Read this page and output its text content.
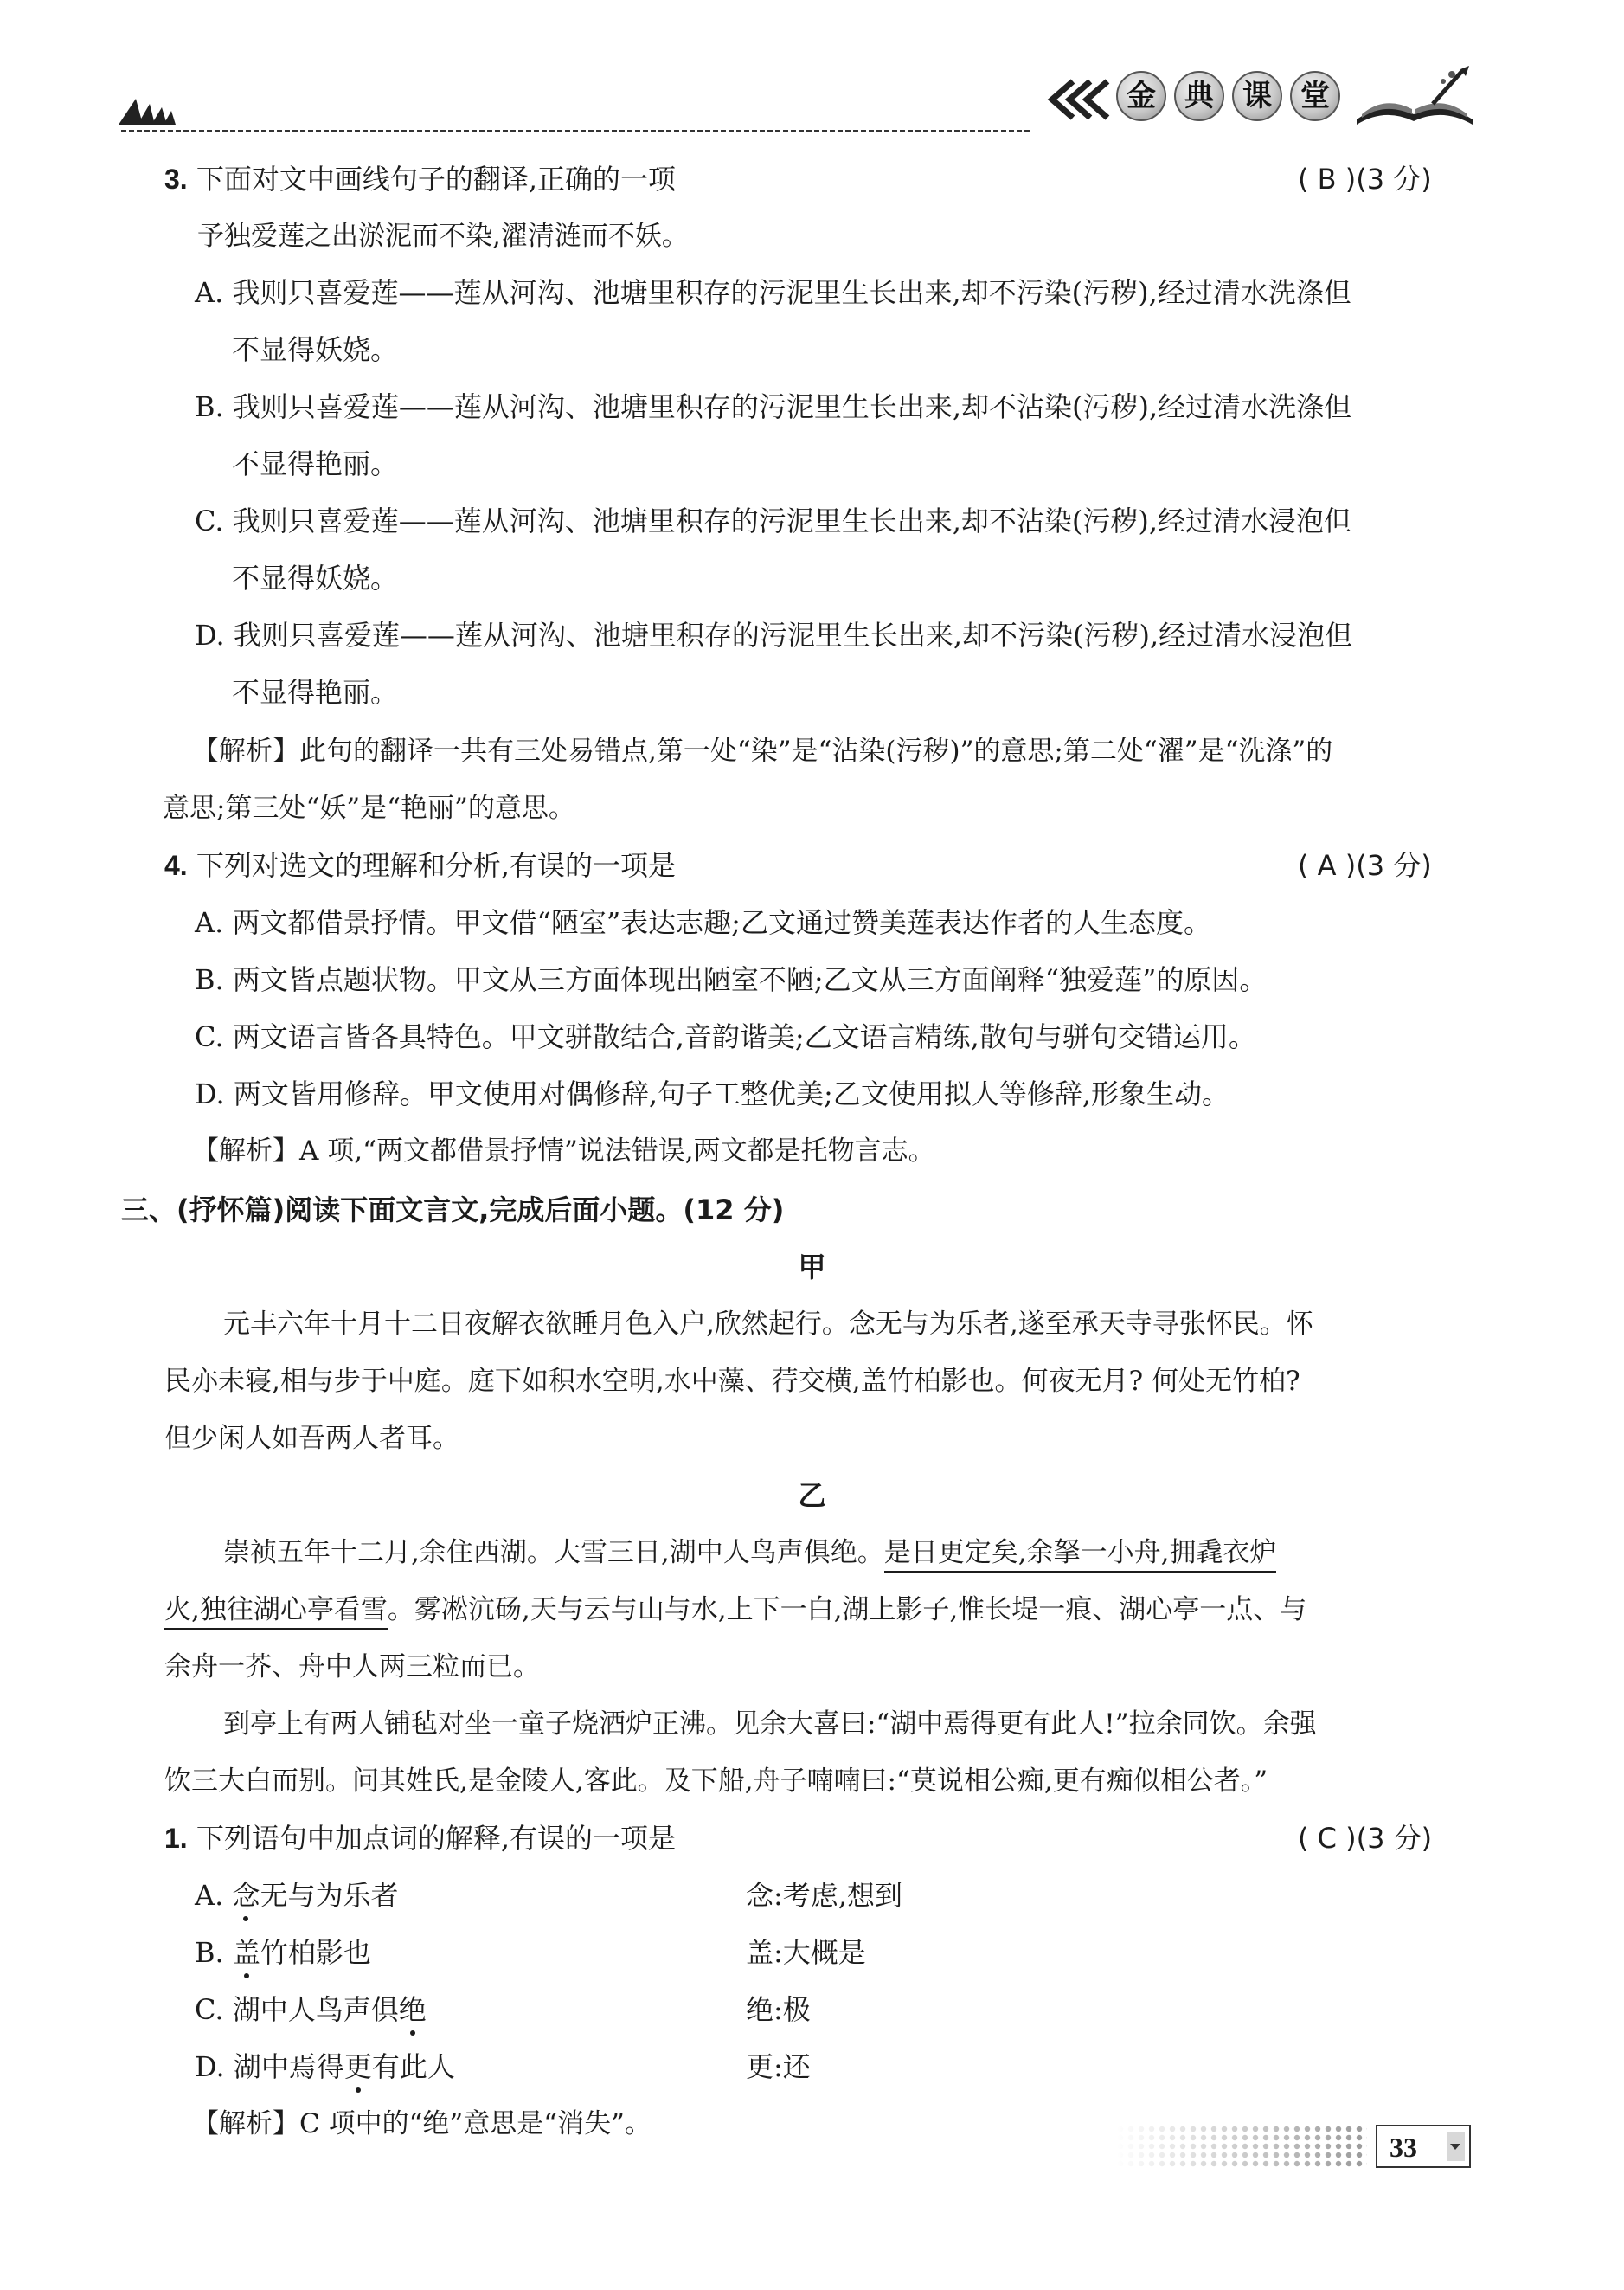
金 典 课 堂
3. 下面对文中画线句子的翻译,正确的一项	( B )(3 分)
予独爱莲之出淤泥而不染,濯清涟而不妖。
A. 我则只喜爱莲——莲从河沟、池塘里积存的污泥里生长出来,却不污染(污秽),经过清水洗涤但
不显得妖娆。
B. 我则只喜爱莲——莲从河沟、池塘里积存的污泥里生长出来,却不沾染(污秽),经过清水洗涤但
不显得艳丽。
C. 我则只喜爱莲——莲从河沟、池塘里积存的污泥里生长出来,却不沾染(污秽),经过清水浸泡但
不显得妖娆。
D. 我则只喜爱莲——莲从河沟、池塘里积存的污泥里生长出来,却不污染(污秽),经过清水浸泡但
不显得艳丽。
【解析】此句的翻译一共有三处易错点,第一处“染”是“沾染(污秽)”的意思;第二处“濯”是“洗涤”的
意思;第三处“妖”是“艳丽”的意思。
4. 下列对选文的理解和分析,有误的一项是	( A )(3 分)
A. 两文都借景抒情。甲文借“陋室”表达志趣;乙文通过赞美莲表达作者的人生态度。
B. 两文皆点题状物。甲文从三方面体现出陋室不陋;乙文从三方面阐释“独爱莲”的原因。
C. 两文语言皆各具特色。甲文骈散结合,音韵谐美;乙文语言精练,散句与骈句交错运用。
D. 两文皆用修辞。甲文使用对偶修辞,句子工整优美;乙文使用拟人等修辞,形象生动。
【解析】A 项,“两文都借景抒情”说法错误,两文都是托物言志。
三、(抒怀篇)阅读下面文言文,完成后面小题。(12 分)
甲
元丰六年十月十二日夜解衣欲睡月色入户,欣然起行。念无与为乐者,遂至承天寺寻张怀民。怀
民亦未寝,相与步于中庭。庭下如积水空明,水中藻、荇交横,盖竹柏影也。何夜无月? 何处无竹柏?
但少闲人如吾两人者耳。
乙
崇祯五年十二月,余住西湖。大雪三日,湖中人鸟声俱绝。是日更定矣,余拏一小舟,拥毳衣炉
火,独往湖心亭看雪。雾凇沆砀,天与云与山与水,上下一白,湖上影子,惟长堤一痕、湖心亭一点、与
余舟一芥、舟中人两三粒而已。
到亭上有两人铺毡对坐一童子烧酒炉正沸。见余大喜曰:“湖中焉得更有此人!”拉余同饮。余强
饮三大白而别。问其姓氏,是金陵人,客此。及下船,舟子喃喃曰:“莫说相公痴,更有痴似相公者。”
1. 下列语句中加点词的解释,有误的一项是	( C )(3 分)
A. 念无与为乐者	念:考虑,想到
B. 盖竹柏影也	盖:大概是
C. 湖中人鸟声俱绝	绝:极
D. 湖中焉得更有此人	更:还
【解析】C 项中的“绝”意思是“消失”。
33
